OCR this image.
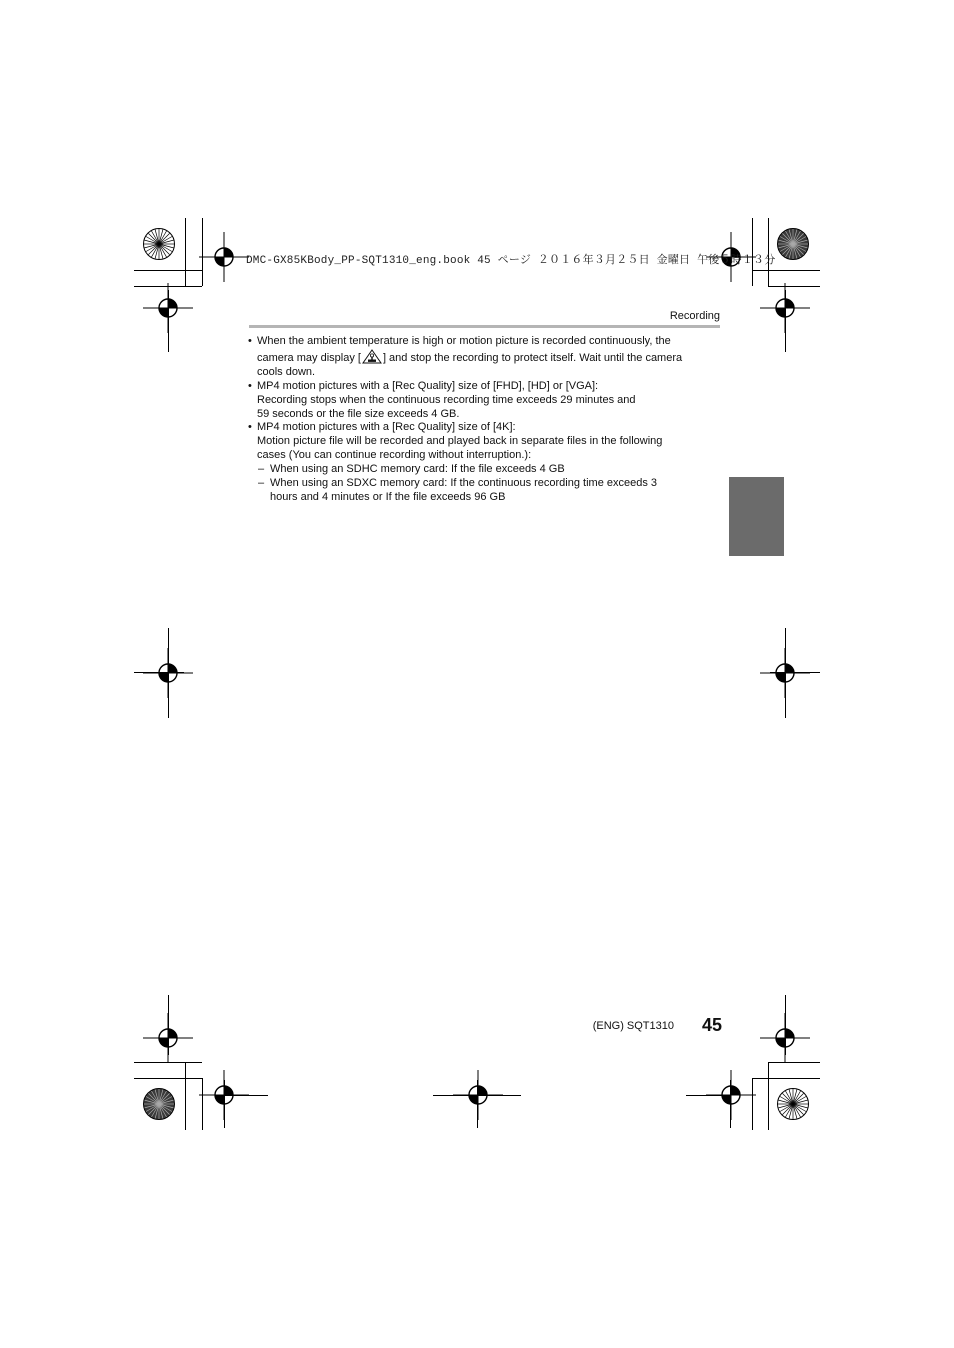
DMC-GX85KBody_PP-SQT1310_eng.book 45 ページ ２０１６年３月２５日 金曜日 午後５時１３分
Recording
• When the ambient temperature is high or motion picture is recorded continuously, the
camera may display [ ] and stop the recording to protect itself. Wait until the camera
cools down.
• MP4 motion pictures with a [Rec Quality] size of [FHD], [HD] or [VGA]:
Recording stops when the continuous recording time exceeds 29 minutes and
59 seconds or the file size exceeds 4 GB.
• MP4 motion pictures with a [Rec Quality] size of [4K]:
Motion picture file will be recorded and played back in separate files in the following
cases (You can continue recording without interruption.):
– When using an SDHC memory card: If the file exceeds 4 GB
– When using an SDXC memory card: If the continuous recording time exceeds 3
hours and 4 minutes or If the file exceeds 96 GB
(ENG) SQT1310	45
